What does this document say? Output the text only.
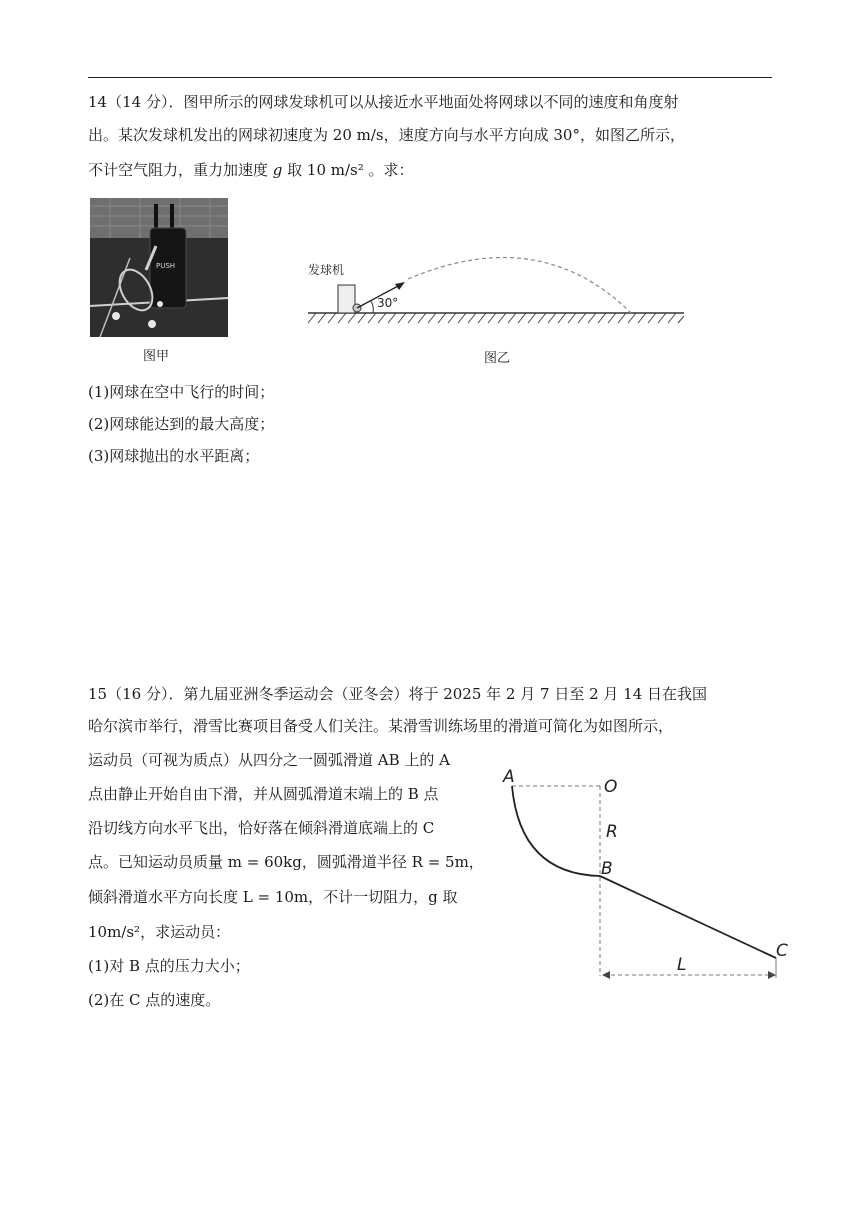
14（14 分）．图甲所示的网球发球机可以从接近水平地面处将网球以不同的速度和角度射
出。某次发球机发出的网球初速度为 20 m/s，速度方向与水平方向成 30°，如图乙所示，
不计空气阻力，重力加速度 g 取 10 m/s² 。求：
PUSH
图甲
发球机
30°
图乙
(1)网球在空中飞行的时间；
(2)网球能达到的最大高度；
(3)网球抛出的水平距离；
15（16 分）．第九届亚洲冬季运动会（亚冬会）将于 2025 年 2 月 7 日至 2 月 14 日在我国
哈尔滨市举行，滑雪比赛项目备受人们关注。某滑雪训练场里的滑道可简化为如图所示，
运动员（可视为质点）从四分之一圆弧滑道 AB 上的 A
点由静止开始自由下滑，并从圆弧滑道末端上的 B 点
沿切线方向水平飞出，恰好落在倾斜滑道底端上的 C
点。已知运动员质量 m = 60kg，圆弧滑道半径 R = 5m，
倾斜滑道水平方向长度 L = 10m，不计一切阻力，g 取
10m/s²，求运动员：
(1)对 B 点的压力大小；
(2)在 C 点的速度。
A	O
R
B
C
L
